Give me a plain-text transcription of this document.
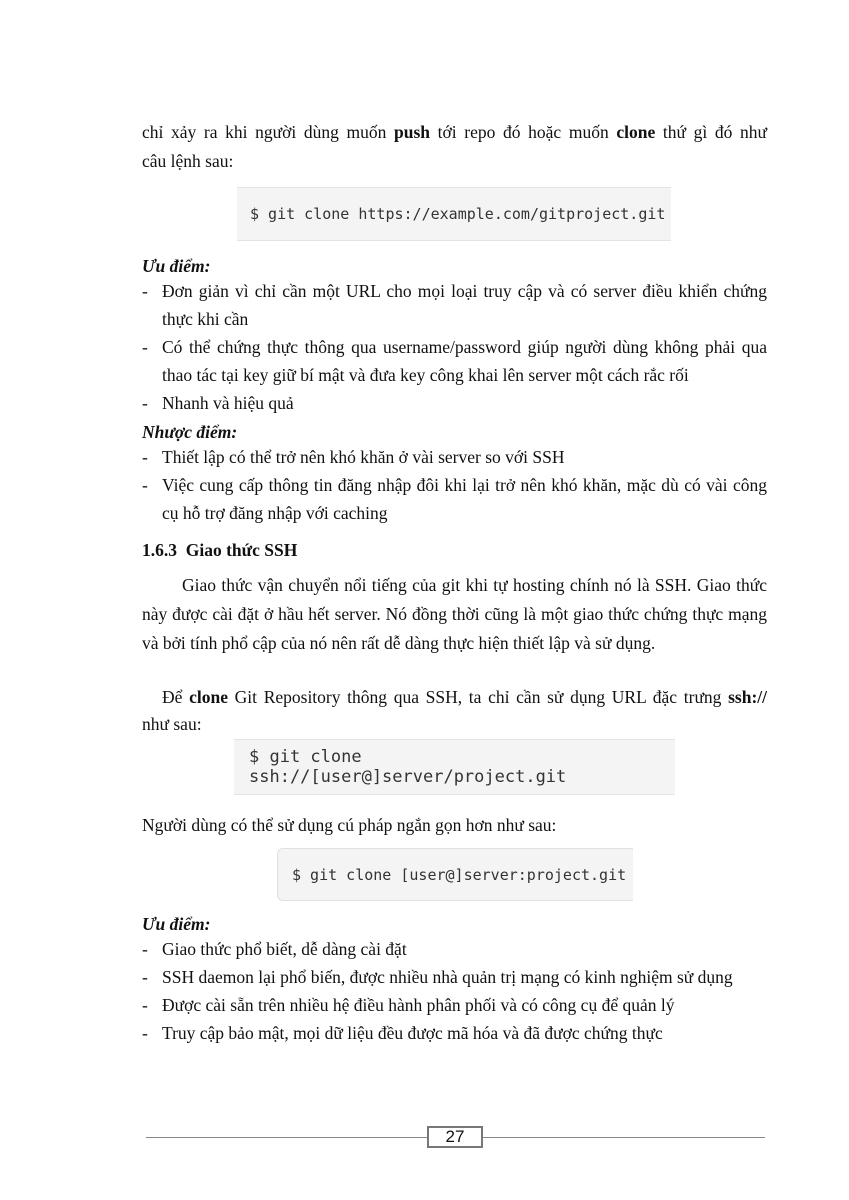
chỉ xảy ra khi người dùng muốn push tới repo đó hoặc muốn clone thứ gì đó như
câu lệnh sau:
$ git clone https://example.com/gitproject.git
Ưu điểm:
- Đơn giản vì chỉ cần một URL cho mọi loại truy cập và có server điều khiển chứng thực khi cần
- Có thể chứng thực thông qua username/password giúp người dùng không phải qua thao tác tại key giữ bí mật và đưa key công khai lên server một cách rắc rối
- Nhanh và hiệu quả
Nhược điểm:
- Thiết lập có thể trở nên khó khăn ở vài server so với SSH
- Việc cung cấp thông tin đăng nhập đôi khi lại trở nên khó khăn, mặc dù có vài công cụ hỗ trợ đăng nhập với caching
1.6.3 Giao thức SSH
Giao thức vận chuyển nổi tiếng của git khi tự hosting chính nó là SSH. Giao thức này được cài đặt ở hầu hết server. Nó đồng thời cũng là một giao thức chứng thực mạng và bởi tính phổ cập của nó nên rất dễ dàng thực hiện thiết lập và sử dụng.
Để clone Git Repository thông qua SSH, ta chỉ cần sử dụng URL đặc trưng ssh://
như sau:
$ git clone ssh://[user@]server/project.git
Người dùng có thể sử dụng cú pháp ngắn gọn hơn như sau:
$ git clone [user@]server:project.git
Ưu điểm:
- Giao thức phổ biết, dễ dàng cài đặt
- SSH daemon lại phổ biến, được nhiều nhà quản trị mạng có kinh nghiệm sử dụng
- Được cài sẵn trên nhiều hệ điều hành phân phối và có công cụ để quản lý
- Truy cập bảo mật, mọi dữ liệu đều được mã hóa và đã được chứng thực
27
